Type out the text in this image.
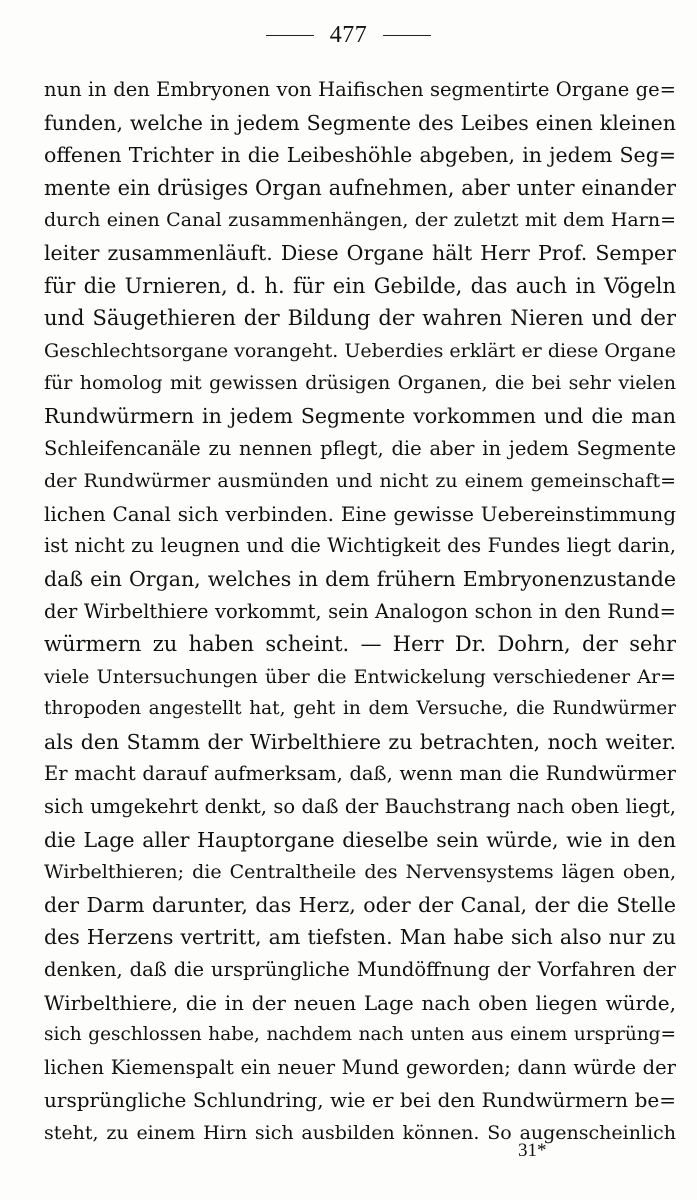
477
nun in den Embryonen von Haifischen segmentirte Organe ge=
funden, welche in jedem Segmente des Leibes einen kleinen
offenen Trichter in die Leibeshöhle abgeben, in jedem Seg=
mente ein drüsiges Organ aufnehmen, aber unter einander
durch einen Canal zusammenhängen, der zuletzt mit dem Harn=
leiter zusammenläuft. Diese Organe hält Herr Prof. Semper
für die Urnieren, d. h. für ein Gebilde, das auch in Vögeln
und Säugethieren der Bildung der wahren Nieren und der
Geschlechtsorgane vorangeht. Ueberdies erklärt er diese Organe
für homolog mit gewissen drüsigen Organen, die bei sehr vielen
Rundwürmern in jedem Segmente vorkommen und die man
Schleifencanäle zu nennen pflegt, die aber in jedem Segmente
der Rundwürmer ausmünden und nicht zu einem gemeinschaft=
lichen Canal sich verbinden. Eine gewisse Uebereinstimmung
ist nicht zu leugnen und die Wichtigkeit des Fundes liegt darin,
daß ein Organ, welches in dem frühern Embryonenzustande
der Wirbelthiere vorkommt, sein Analogon schon in den Rund=
würmern zu haben scheint. — Herr Dr. Dohrn, der sehr
viele Untersuchungen über die Entwickelung verschiedener Ar=
thropoden angestellt hat, geht in dem Versuche, die Rundwürmer
als den Stamm der Wirbelthiere zu betrachten, noch weiter.
Er macht darauf aufmerksam, daß, wenn man die Rundwürmer
sich umgekehrt denkt, so daß der Bauchstrang nach oben liegt,
die Lage aller Hauptorgane dieselbe sein würde, wie in den
Wirbelthieren; die Centraltheile des Nervensystems lägen oben,
der Darm darunter, das Herz, oder der Canal, der die Stelle
des Herzens vertritt, am tiefsten. Man habe sich also nur zu
denken, daß die ursprüngliche Mundöffnung der Vorfahren der
Wirbelthiere, die in der neuen Lage nach oben liegen würde,
sich geschlossen habe, nachdem nach unten aus einem ursprüng=
lichen Kiemenspalt ein neuer Mund geworden; dann würde der
ursprüngliche Schlundring, wie er bei den Rundwürmern be=
steht, zu einem Hirn sich ausbilden können. So augenscheinlich
31*
